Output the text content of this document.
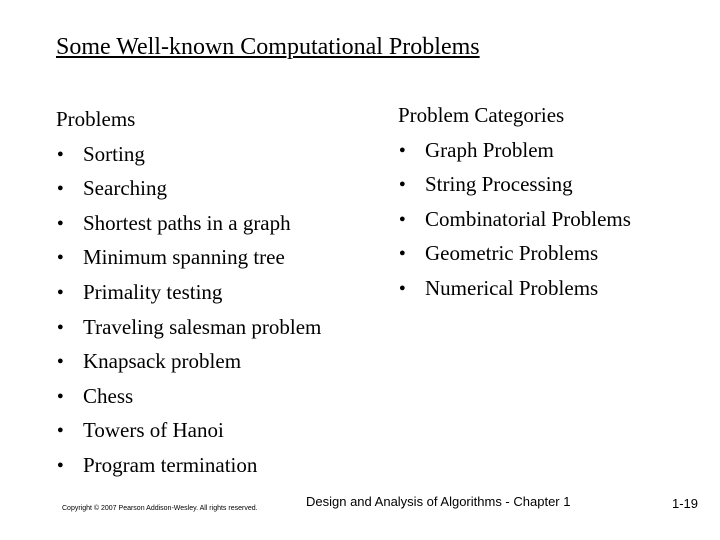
Some Well-known Computational Problems
Problems
● Sorting
● Searching
● Shortest paths in a graph
● Minimum spanning tree
● Primality testing
● Traveling salesman problem
● Knapsack problem
● Chess
● Towers of Hanoi
● Program termination
Problem Categories
● Graph Problem
● String Processing
● Combinatorial Problems
● Geometric Problems
● Numerical Problems
Copyright © 2007 Pearson Addison-Wesley. All rights reserved.	Design and Analysis of Algorithms - Chapter 1	1-19
